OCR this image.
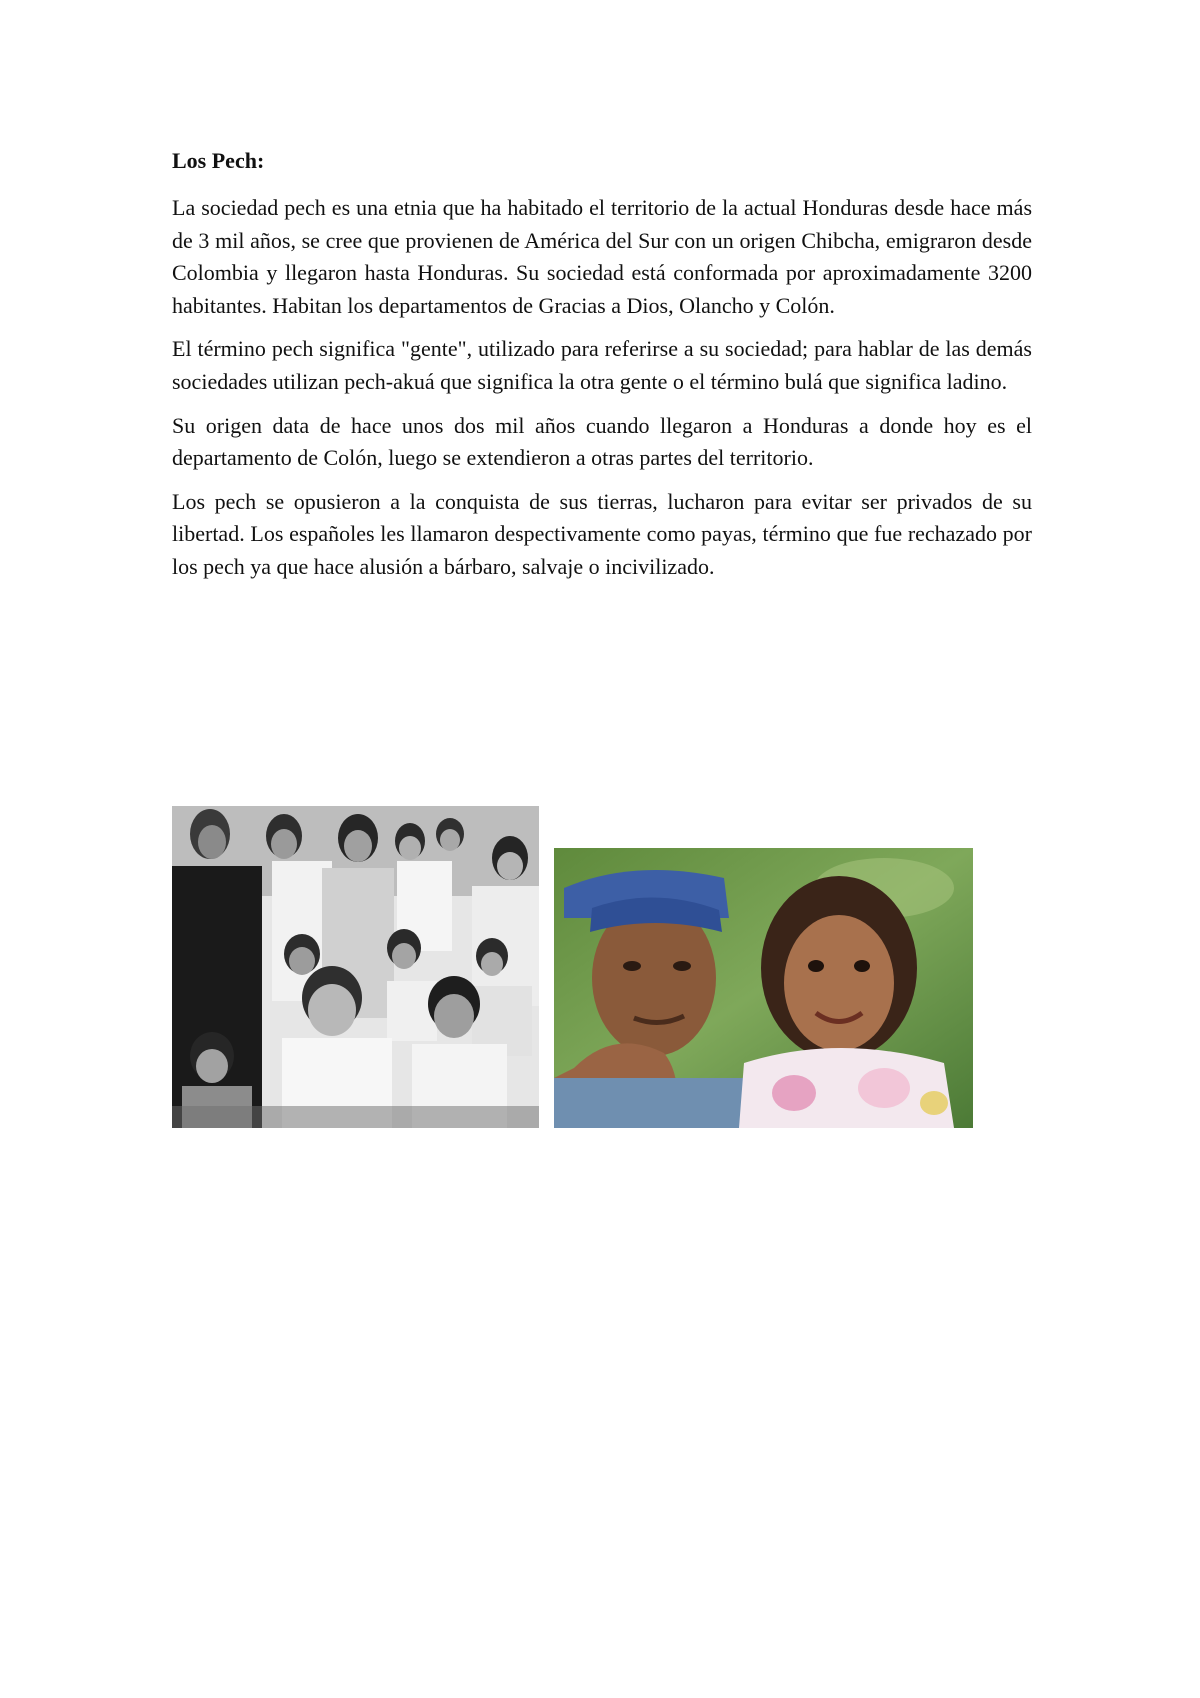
Los Pech:

La sociedad pech es una etnia que ha habitado el territorio de la actual Honduras desde hace más de 3 mil años, se cree que provienen de América del Sur con un origen Chibcha, emigraron desde Colombia y llegaron hasta Honduras. Su sociedad está conformada por aproximadamente 3200 habitantes. Habitan los departamentos de Gracias a Dios, Olancho y Colón.

El término pech significa "gente", utilizado para referirse a su sociedad; para hablar de las demás sociedades utilizan pech-akuá que significa la otra gente o el término bulá que significa ladino.

Su origen data de hace unos dos mil años cuando llegaron a Honduras a donde hoy es el departamento de Colón, luego se extendieron a otras partes del territorio.

Los pech se opusieron a la conquista de sus tierras, lucharon para evitar ser privados de su libertad. Los españoles les llamaron despectivamente como payas, término que fue rechazado por los pech ya que hace alusión a bárbaro, salvaje o incivilizado.
